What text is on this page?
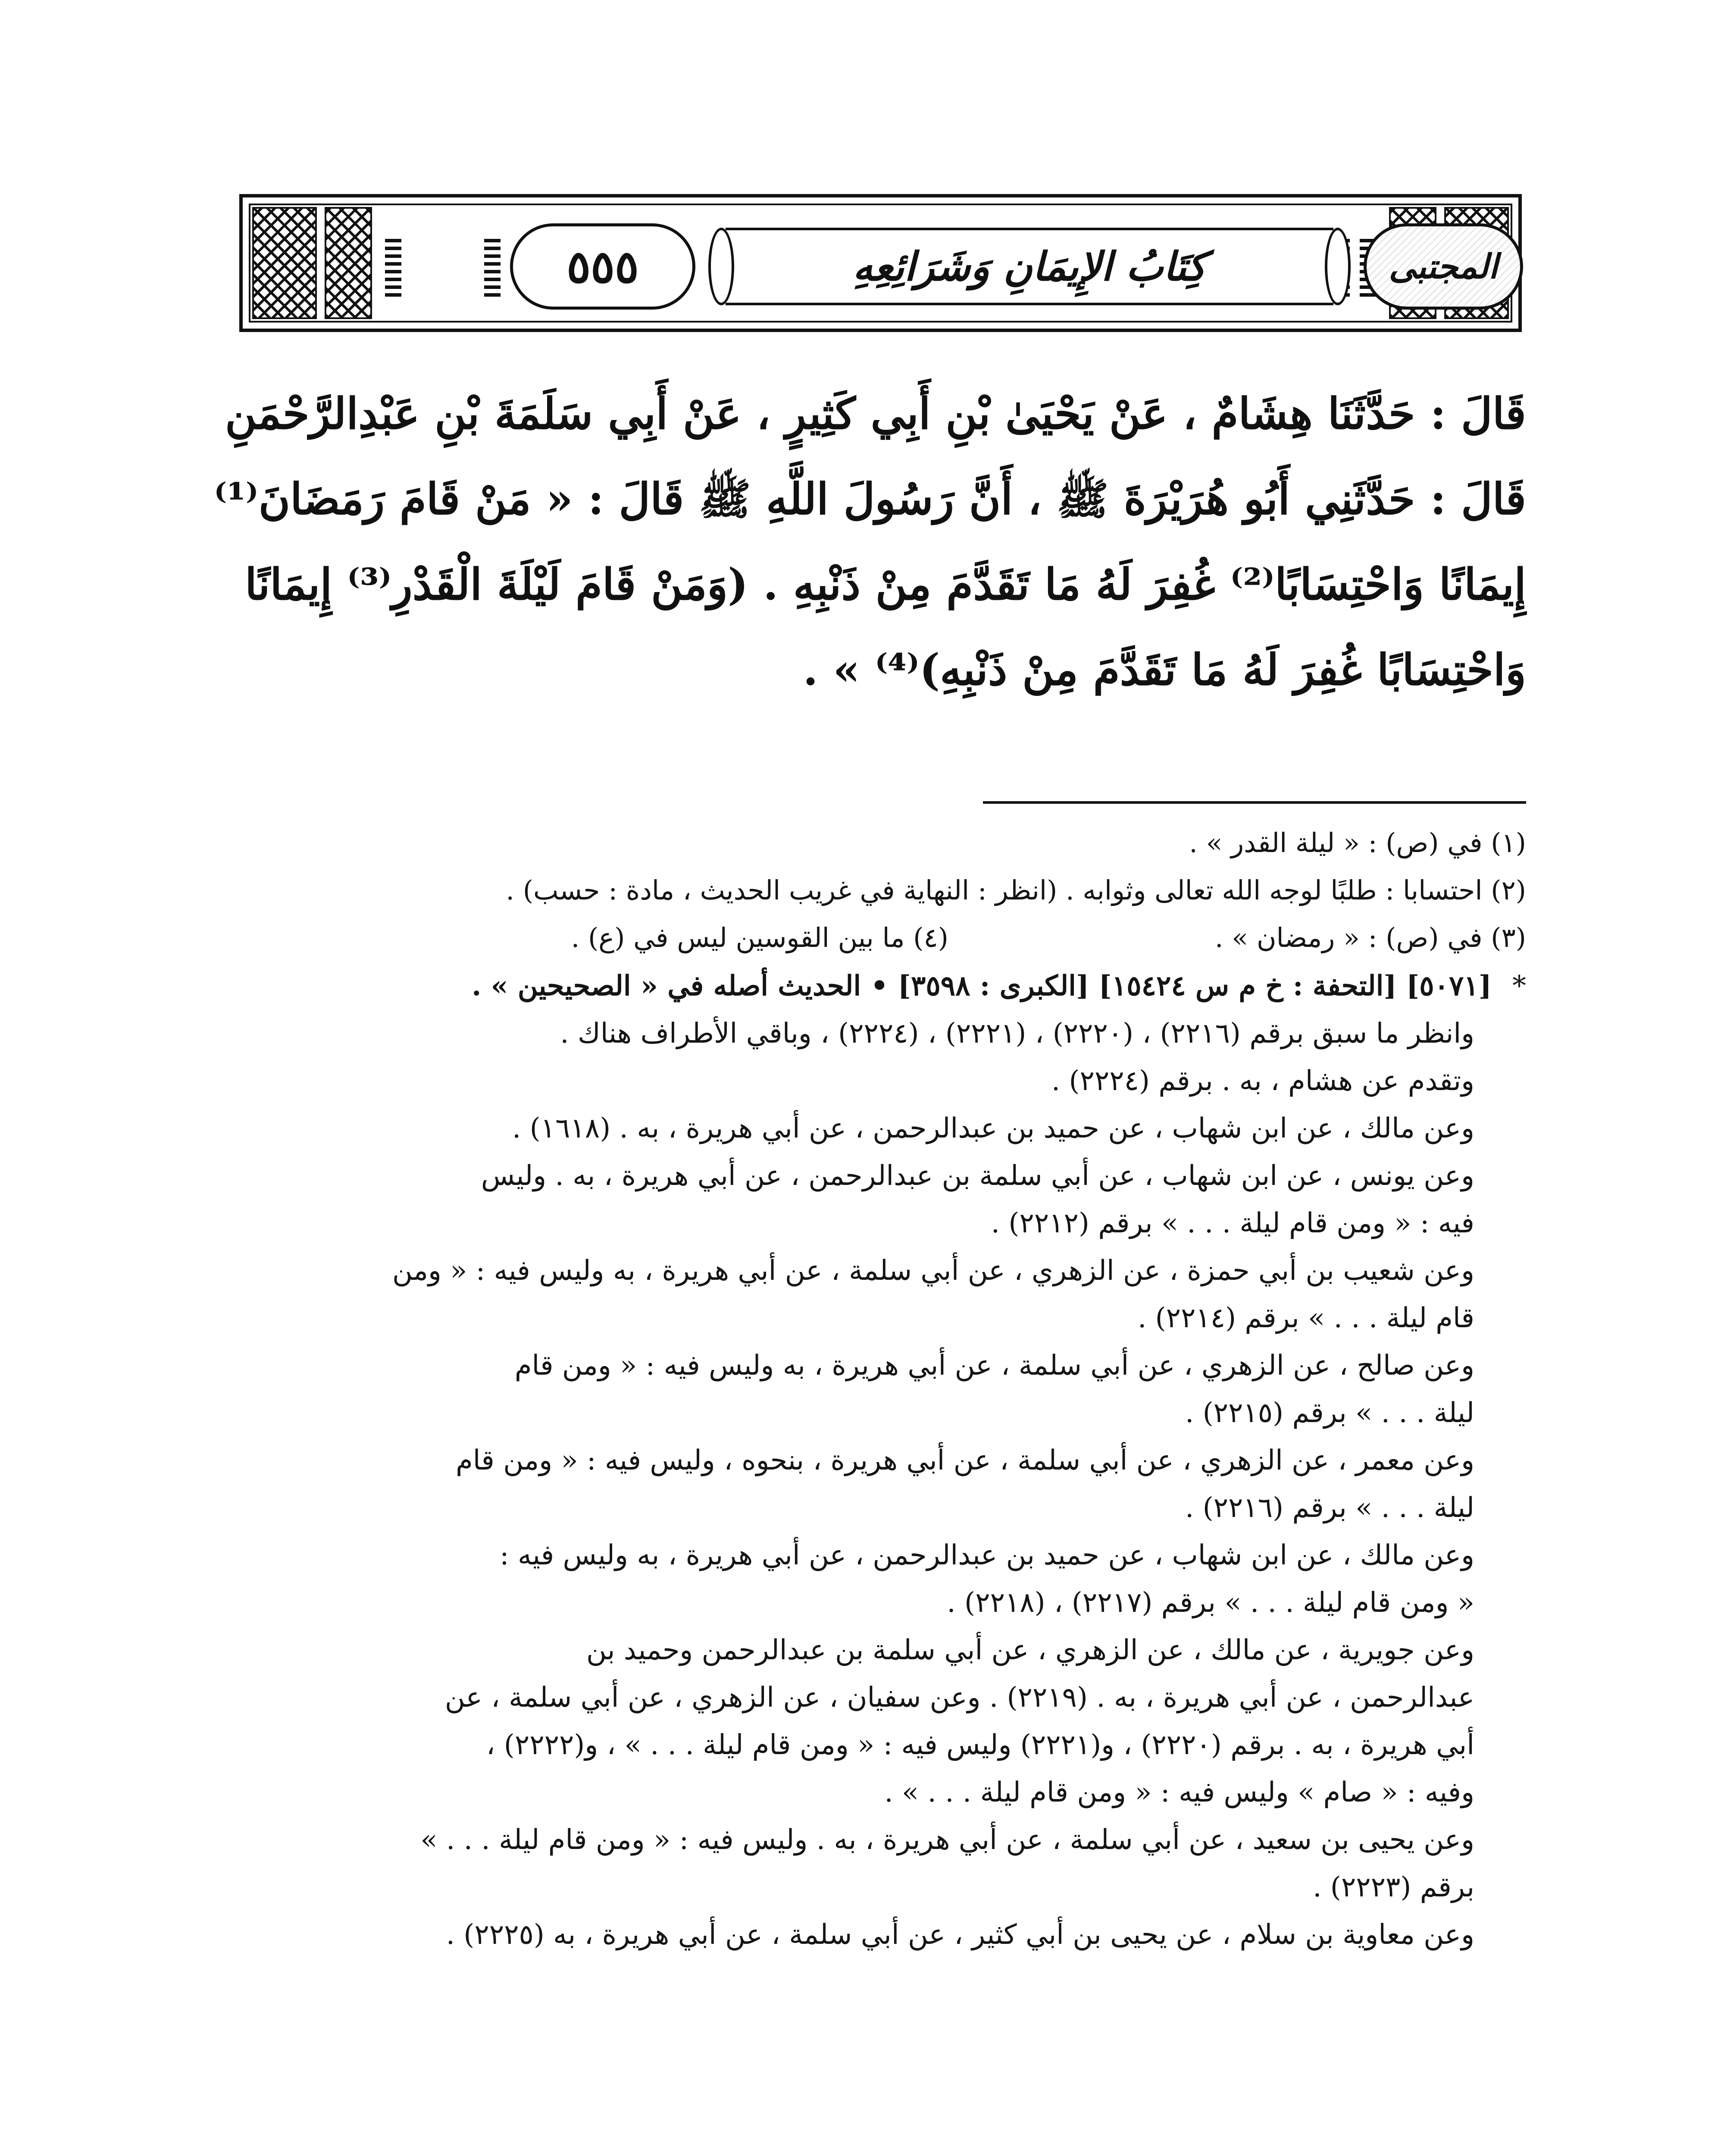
٥٥٥	كِتَابُ الإِيمَانِ وَشَرَائِعِهِ	المجتبى
قَالَ : حَدَّثَنَا هِشَامٌ ، عَنْ يَحْيَىٰ بْنِ أَبِي كَثِيرٍ ، عَنْ أَبِي سَلَمَةَ بْنِ عَبْدِالرَّحْمَنِ
قَالَ : حَدَّثَنِي أَبُو هُرَيْرَةَ ﷺ ، أَنَّ رَسُولَ اللَّهِ ﷺ قَالَ : « مَنْ قَامَ رَمَضَانَ⁽¹⁾
إِيمَانًا وَاحْتِسَابًا⁽²⁾ غُفِرَ لَهُ مَا تَقَدَّمَ مِنْ ذَنْبِهِ . (وَمَنْ قَامَ لَيْلَةَ الْقَدْرِ⁽³⁾ إِيمَانًا
وَاحْتِسَابًا غُفِرَ لَهُ مَا تَقَدَّمَ مِنْ ذَنْبِهِ)⁽⁴⁾ » .
(١) في (ص) : « ليلة القدر » .
(٢) احتسابا : طلبًا لوجه الله تعالى وثوابه . (انظر : النهاية في غريب الحديث ، مادة : حسب) .
(٣) في (ص) : « رمضان » .
(٤) ما بين القوسين ليس في (ع) .
*
[٥٠٧١] [التحفة : خ م س ١٥٤٢٤] [الكبرى : ٣٥٩٨] • الحديث أصله في « الصحيحين » .
وانظر ما سبق برقم (٢٢١٦) ، (٢٢٢٠) ، (٢٢٢١) ، (٢٢٢٤) ، وباقي الأطراف هناك .
وتقدم عن هشام ، به . برقم (٢٢٢٤) .
وعن مالك ، عن ابن شهاب ، عن حميد بن عبدالرحمن ، عن أبي هريرة ، به . (١٦١٨) .
وعن يونس ، عن ابن شهاب ، عن أبي سلمة بن عبدالرحمن ، عن أبي هريرة ، به . وليس
فيه : « ومن قام ليلة . . . » برقم (٢٢١٢) .
وعن شعيب بن أبي حمزة ، عن الزهري ، عن أبي سلمة ، عن أبي هريرة ، به وليس فيه : « ومن
قام ليلة . . . » برقم (٢٢١٤) .
وعن صالح ، عن الزهري ، عن أبي سلمة ، عن أبي هريرة ، به وليس فيه : « ومن قام
ليلة . . . » برقم (٢٢١٥) .
وعن معمر ، عن الزهري ، عن أبي سلمة ، عن أبي هريرة ، بنحوه ، وليس فيه : « ومن قام
ليلة . . . » برقم (٢٢١٦) .
وعن مالك ، عن ابن شهاب ، عن حميد بن عبدالرحمن ، عن أبي هريرة ، به وليس فيه :
« ومن قام ليلة . . . » برقم (٢٢١٧) ، (٢٢١٨) .
وعن جويرية ، عن مالك ، عن الزهري ، عن أبي سلمة بن عبدالرحمن وحميد بن
عبدالرحمن ، عن أبي هريرة ، به . (٢٢١٩) . وعن سفيان ، عن الزهري ، عن أبي سلمة ، عن
أبي هريرة ، به . برقم (٢٢٢٠) ، و(٢٢٢١) وليس فيه : « ومن قام ليلة . . . » ، و(٢٢٢٢) ،
وفيه : « صام » وليس فيه : « ومن قام ليلة . . . » .
وعن يحيى بن سعيد ، عن أبي سلمة ، عن أبي هريرة ، به . وليس فيه : « ومن قام ليلة . . . »
برقم (٢٢٢٣) .
وعن معاوية بن سلام ، عن يحيى بن أبي كثير ، عن أبي سلمة ، عن أبي هريرة ، به (٢٢٢٥) .
